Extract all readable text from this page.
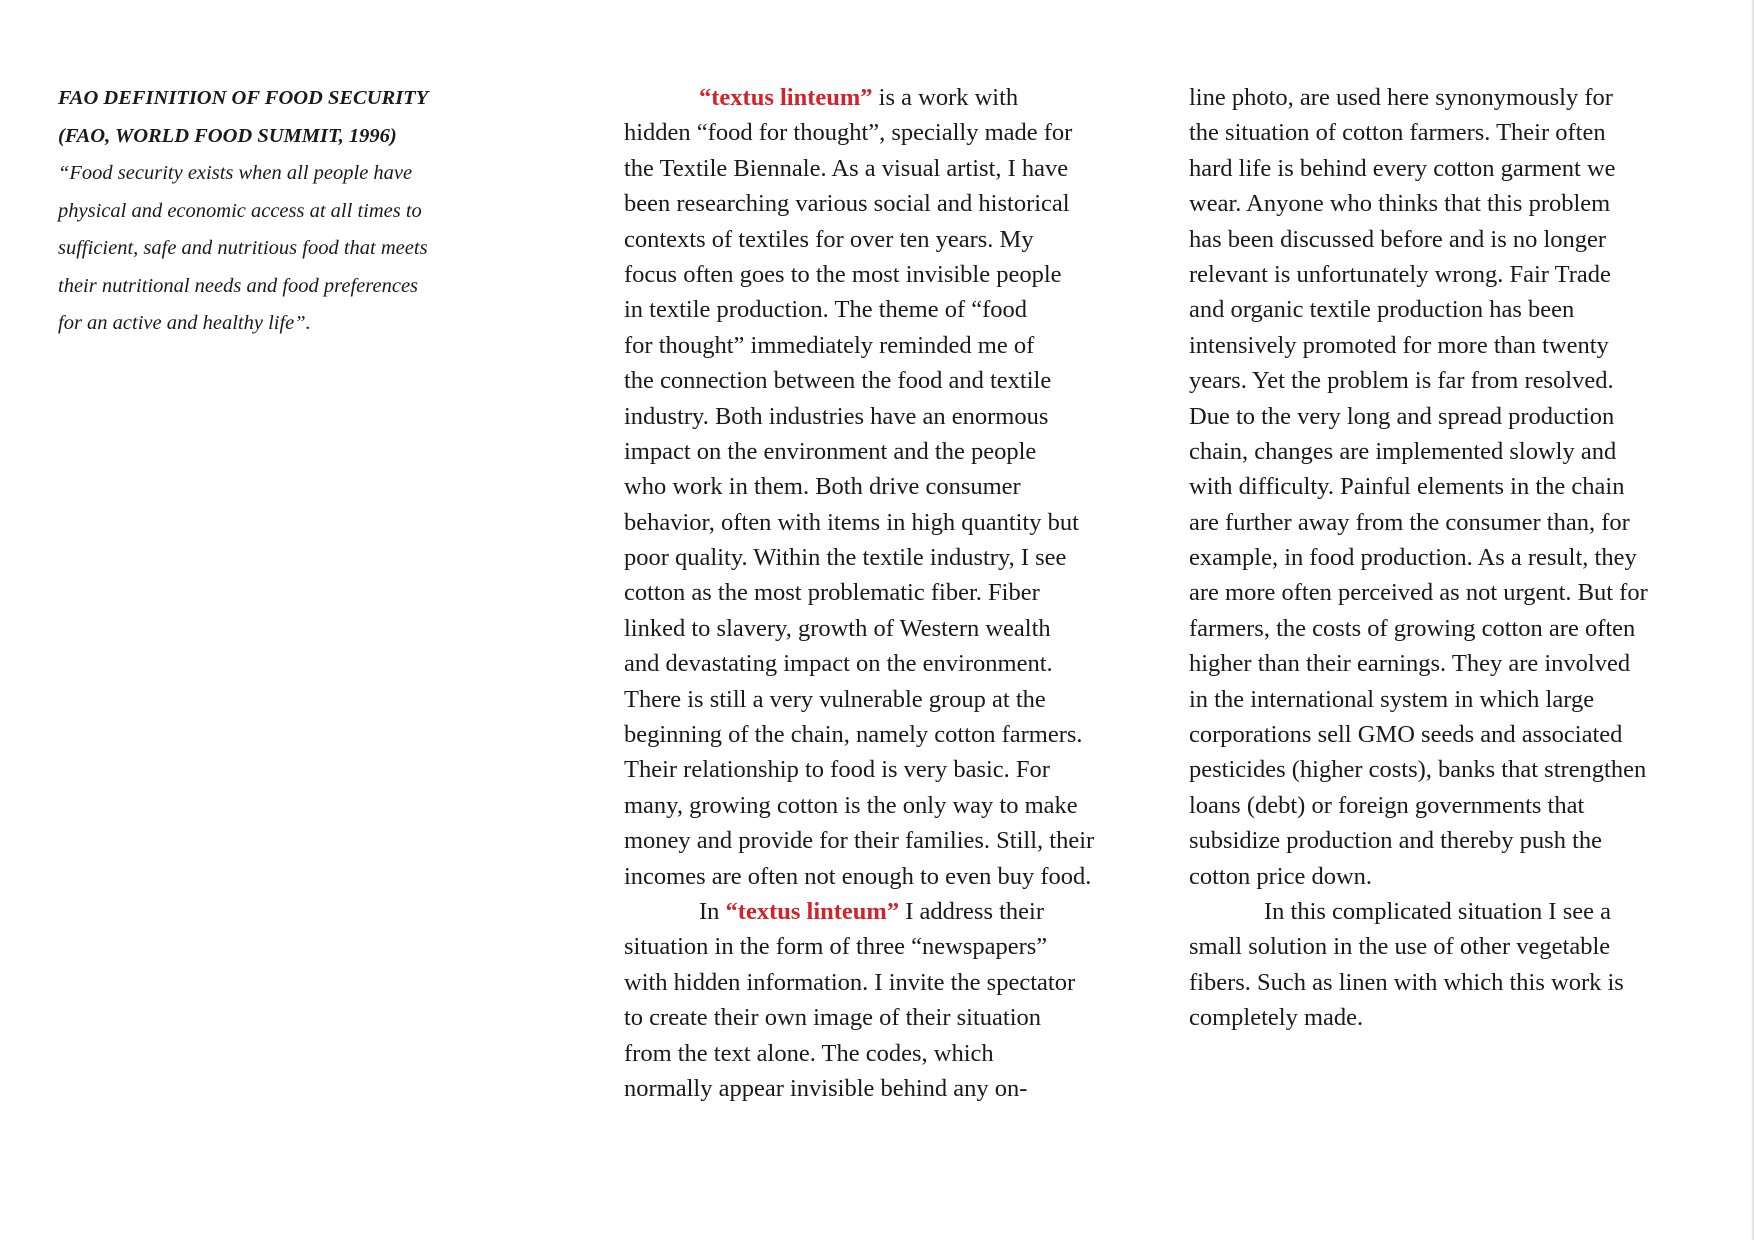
FAO DEFINITION OF FOOD SECURITY

(FAO, WORLD FOOD SUMMIT, 1996)

“Food security exists when all people have
physical and economic access at all times to
sufficient, safe and nutritious food that meets
their nutritional needs and food preferences
for an active and healthy life”.

“textus linteum” is a work with
hidden “food for thought”, specially made for
the Textile Biennale. As a visual artist, I have
been researching various social and historical
contexts of textiles for over ten years. My
focus often goes to the most invisible people
in textile production. The theme of “food
for thought” immediately reminded me of
the connection between the food and textile
industry. Both industries have an enormous
impact on the environment and the people
who work in them. Both drive consumer
behavior, often with items in high quantity but
poor quality. Within the textile industry, I see
cotton as the most problematic fiber. Fiber
linked to slavery, growth of Western wealth
and devastating impact on the environment.
There is still a very vulnerable group at the
beginning of the chain, namely cotton farmers.
Their relationship to food is very basic. For
many, growing cotton is the only way to make
money and provide for their families. Still, their
incomes are often not enough to even buy food.
In “textus linteum” I address their
situation in the form of three “newspapers”
with hidden information. I invite the spectator
to create their own image of their situation
from the text alone. The codes, which
normally appear invisible behind any on-
line photo, are used here synonymously for
the situation of cotton farmers. Their often
hard life is behind every cotton garment we
wear. Anyone who thinks that this problem
has been discussed before and is no longer
relevant is unfortunately wrong. Fair Trade
and organic textile production has been
intensively promoted for more than twenty
years. Yet the problem is far from resolved.
Due to the very long and spread production
chain, changes are implemented slowly and
with difficulty. Painful elements in the chain
are further away from the consumer than, for
example, in food production. As a result, they
are more often perceived as not urgent. But for
farmers, the costs of growing cotton are often
higher than their earnings. They are involved
in the international system in which large
corporations sell GMO seeds and associated
pesticides (higher costs), banks that strengthen
loans (debt) or foreign governments that
subsidize production and thereby push the
cotton price down.
In this complicated situation I see a
small solution in the use of other vegetable
fibers. Such as linen with which this work is
completely made.
